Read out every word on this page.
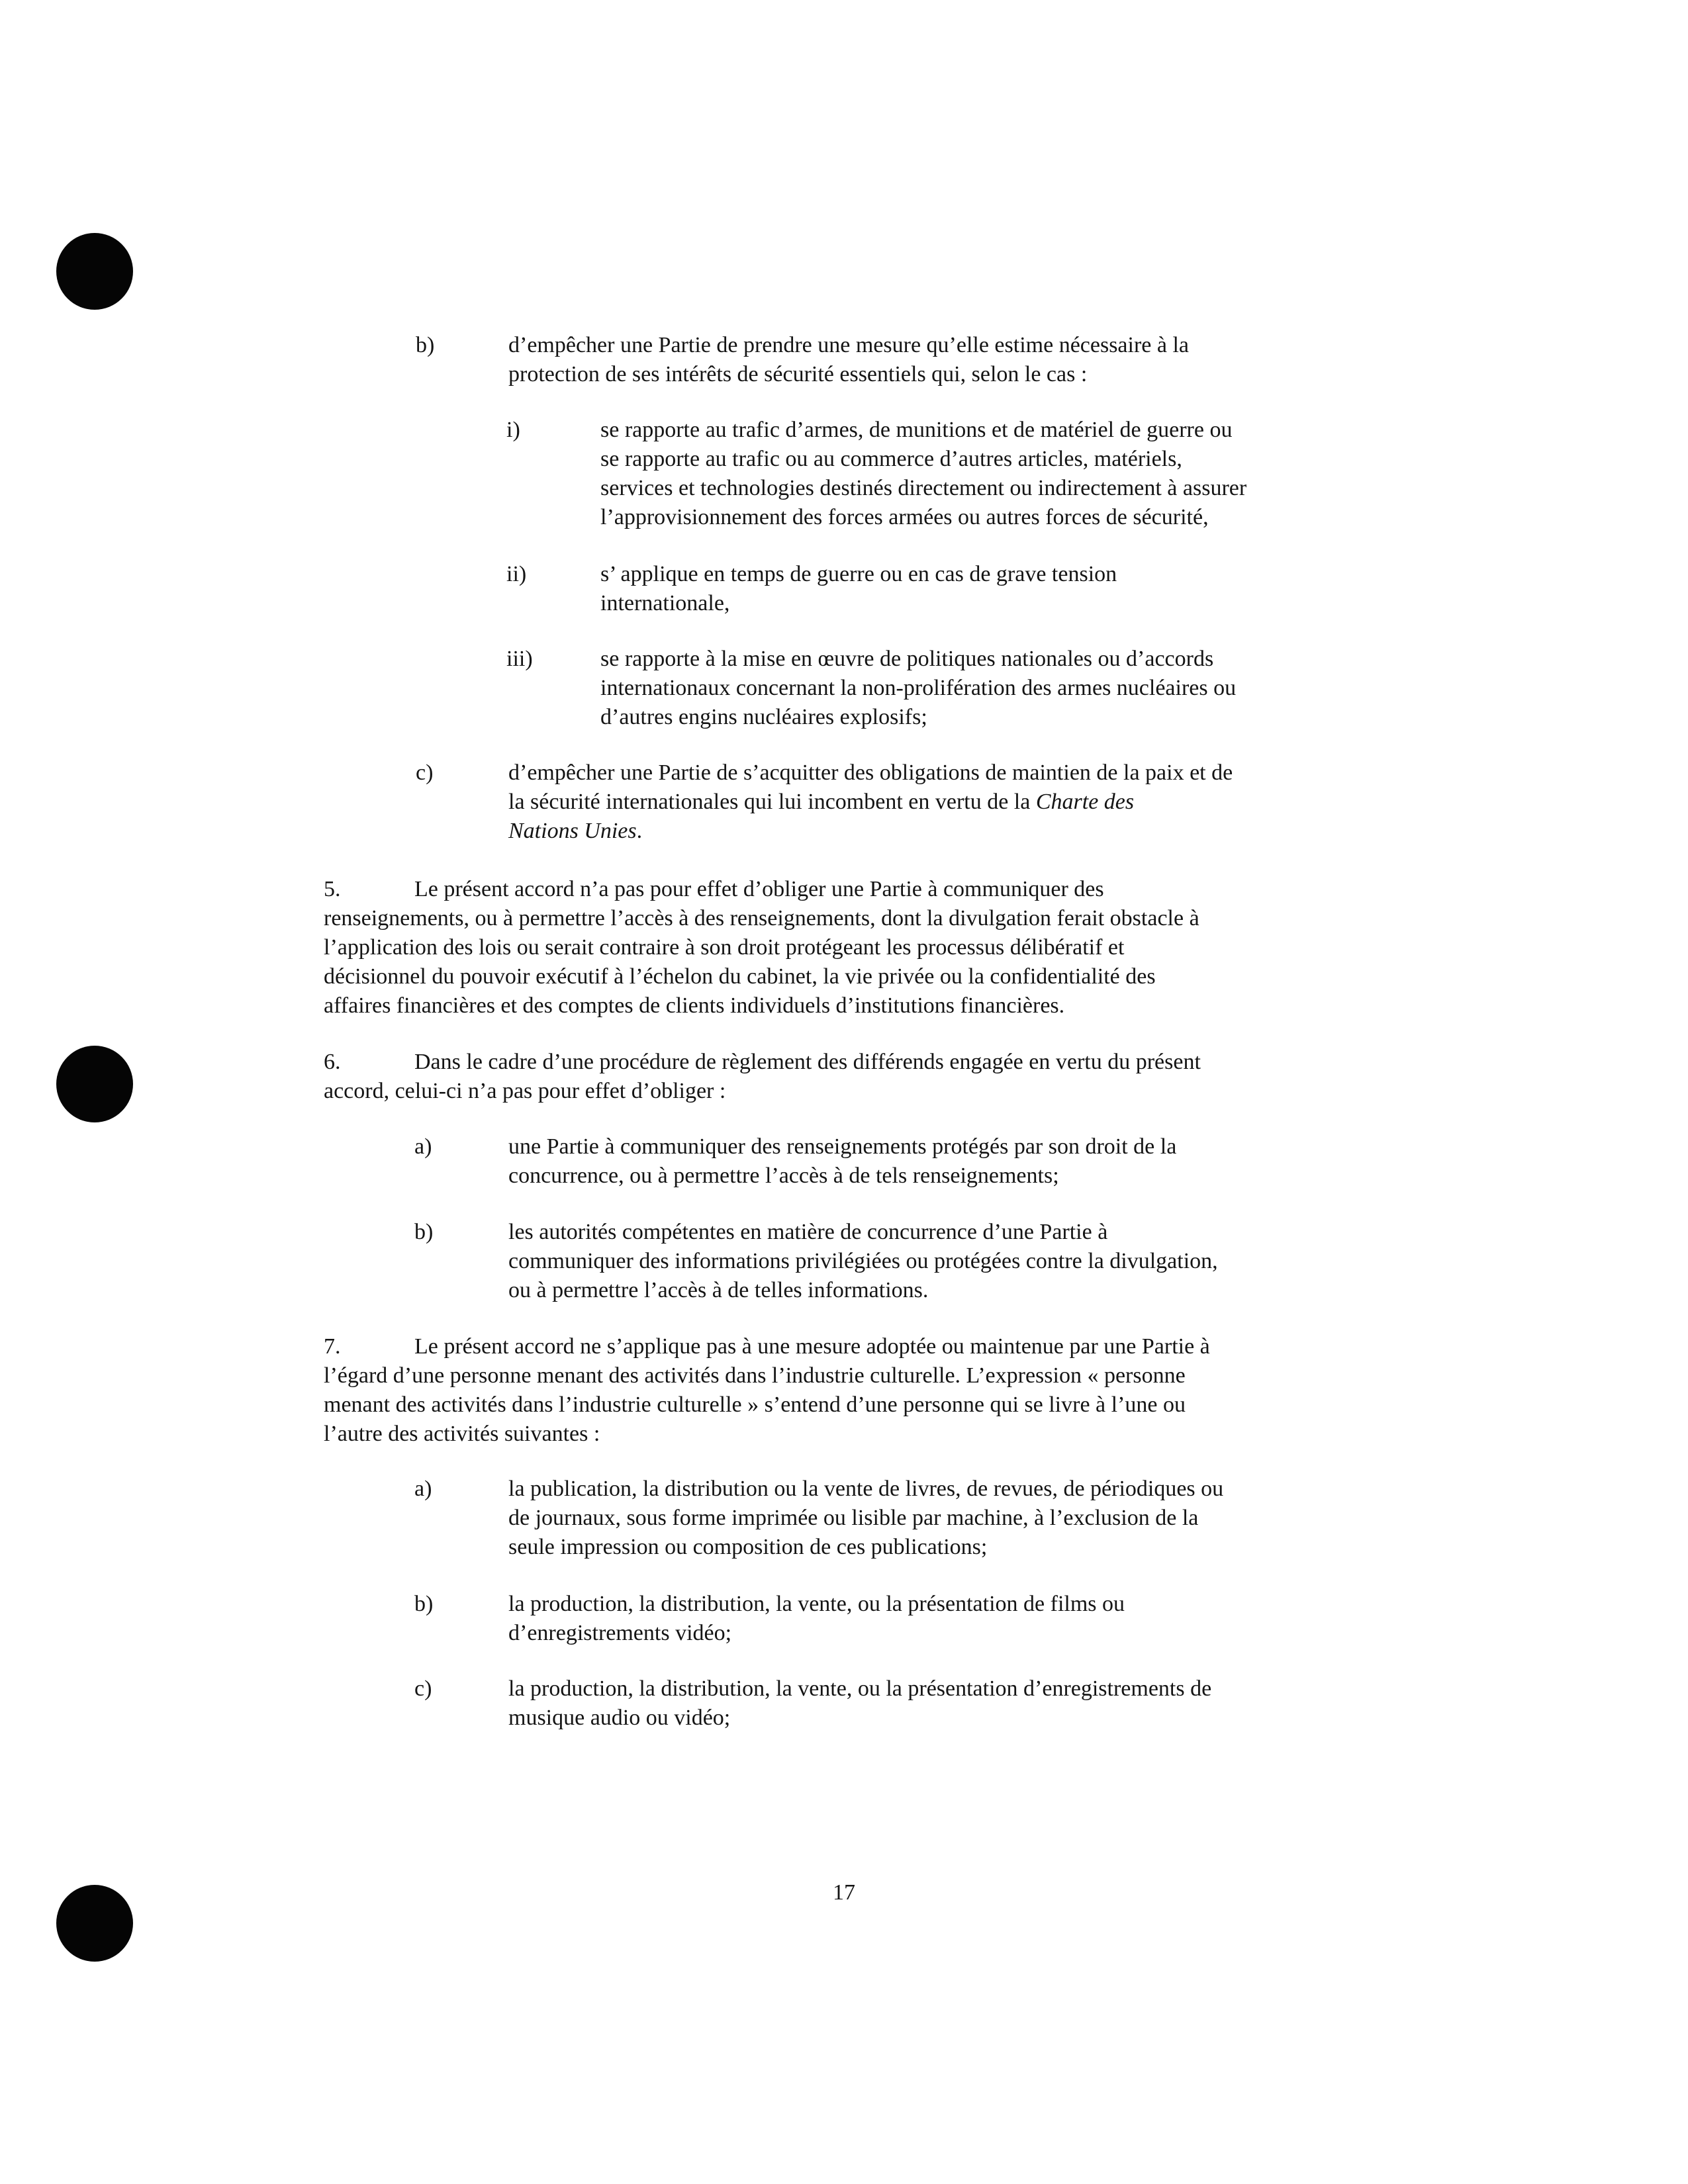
b)	d’empêcher une Partie de prendre une mesure qu’elle estime nécessaire à la
protection de ses intérêts de sécurité essentiels qui, selon le cas :
i)	se rapporte au trafic d’armes, de munitions et de matériel de guerre ou
se rapporte au trafic ou au commerce d’autres articles, matériels,
services et technologies destinés directement ou indirectement à assurer
l’approvisionnement des forces armées ou autres forces de sécurité,
ii)	s’ applique en temps de guerre ou en cas de grave tension
internationale,
iii)	se rapporte à la mise en œuvre de politiques nationales ou d’accords
internationaux concernant la non-prolifération des armes nucléaires ou
d’autres engins nucléaires explosifs;
c)	d’empêcher une Partie de s’acquitter des obligations de maintien de la paix et de
la sécurité internationales qui lui incombent en vertu de la Charte des
Nations Unies.
5.	Le présent accord n’a pas pour effet d’obliger une Partie à communiquer des
renseignements, ou à permettre l’accès à des renseignements, dont la divulgation ferait obstacle à
l’application des lois ou serait contraire à son droit protégeant les processus délibératif et
décisionnel du pouvoir exécutif à l’échelon du cabinet, la vie privée ou la confidentialité des
affaires financières et des comptes de clients individuels d’institutions financières.
6.	Dans le cadre d’une procédure de règlement des différends engagée en vertu du présent
accord, celui-ci n’a pas pour effet d’obliger :
a)	une Partie à communiquer des renseignements protégés par son droit de la
concurrence, ou à permettre l’accès à de tels renseignements;
b)	les autorités compétentes en matière de concurrence d’une Partie à
communiquer des informations privilégiées ou protégées contre la divulgation,
ou à permettre l’accès à de telles informations.
7.	Le présent accord ne s’applique pas à une mesure adoptée ou maintenue par une Partie à
l’égard d’une personne menant des activités dans l’industrie culturelle. L’expression « personne
menant des activités dans l’industrie culturelle » s’entend d’une personne qui se livre à l’une ou
l’autre des activités suivantes :
a)	la publication, la distribution ou la vente de livres, de revues, de périodiques ou
de journaux, sous forme imprimée ou lisible par machine, à l’exclusion de la
seule impression ou composition de ces publications;
b)	la production, la distribution, la vente, ou la présentation de films ou
d’enregistrements vidéo;
c)	la production, la distribution, la vente, ou la présentation d’enregistrements de
musique audio ou vidéo;
17
